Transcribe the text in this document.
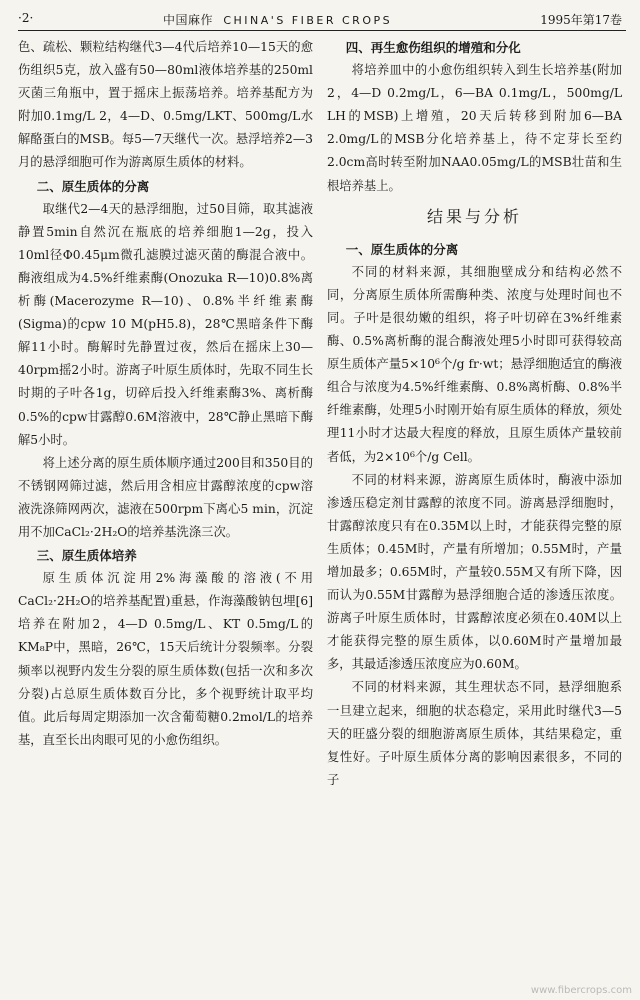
·2·	中国麻作 CHINA'S FIBER CROPS	1995年第17卷

色、疏松、颗粒结构继代3—4代后培养10—15天的愈伤组织5克，放入盛有50—80ml液体培养基的250ml灭菌三角瓶中，置于摇床上振荡培养。培养基配方为附加0.1mg/L 2，4—D、0.5mg/LKT、500mg/L水解酪蛋白的MSB。每5—7天继代一次。悬浮培养2—3月的悬浮细胞可作为游离原生质体的材料。

二、原生质体的分离

取继代2—4天的悬浮细胞，过50目筛，取其滤液静置5min自然沉在瓶底的培养细胞1—2g，投入10ml径Φ0.45μm微孔滤膜过滤灭菌的酶混合液中。酶液组成为4.5%纤维素酶(Onozuka R—10)0.8%离析酶(Macerozyme R—10)、0.8%半纤维素酶(Sigma)的cpw 10 M(pH5.8)，28℃黑暗条件下酶解11小时。酶解时先静置过夜，然后在摇床上30—40rpm摇2小时。游离子叶原生质体时，先取不同生长时期的子叶各1g，切碎后投入纤维素酶3%、离析酶0.5%的cpw甘露醇0.6M溶液中，28℃静止黑暗下酶解5小时。

将上述分离的原生质体顺序通过200目和350目的不锈钢网筛过滤，然后用含相应甘露醇浓度的cpw溶液洗涤筛网两次，滤液在500rpm下离心5 min，沉淀用不加CaCl₂·2H₂O的培养基洗涤三次。

三、原生质体培养

原生质体沉淀用2%海藻酸的溶液(不用CaCl₂·2H₂O的培养基配置)重悬，作海藻酸钠包埋[6]培养在附加2，4—D 0.5mg/L、KT 0.5mg/L的KM₈P中，黑暗，26℃，15天后统计分裂频率。分裂频率以视野内发生分裂的原生质体数(包括一次和多次分裂)占总原生质体数百分比，多个视野统计取平均值。此后每周定期添加一次含葡萄糖0.2mol/L的培养基，直至长出肉眼可见的小愈伤组织。

四、再生愈伤组织的增殖和分化

将培养皿中的小愈伤组织转入到生长培养基(附加2，4—D 0.2mg/L，6—BA 0.1mg/L，500mg/L LH的MSB)上增殖，20天后转移到附加6—BA 2.0mg/L的MSB分化培养基上，待不定芽长至约2.0cm高时转至附加NAA0.05mg/L的MSB壮苗和生根培养基上。

结果与分析
一、原生质体的分离

不同的材料来源，其细胞壁成分和结构必然不同，分离原生质体所需酶种类、浓度与处理时间也不同。子叶是很幼嫩的组织，将子叶切碎在3%纤维素酶、0.5%离析酶的混合酶液处理5小时即可获得较高原生质体产量5×10⁶个/g fr·wt；悬浮细胞适宜的酶液组合与浓度为4.5%纤维素酶、0.8%离析酶、0.8%半纤维素酶，处理5小时刚开始有原生质体的释放，须处理11小时才达最大程度的释放，且原生质体产量较前者低，为2×10⁶个/g Cell。

不同的材料来源，游离原生质体时，酶液中添加渗透压稳定剂甘露醇的浓度不同。游离悬浮细胞时，甘露醇浓度只有在0.35M以上时，才能获得完整的原生质体；0.45M时，产量有所增加；0.55M时，产量增加最多；0.65M时，产量较0.55M又有所下降，因而认为0.55M甘露醇为悬浮细胞合适的渗透压浓度。游离子叶原生质体时，甘露醇浓度必须在0.40M以上才能获得完整的原生质体，以0.60M时产量增加最多，其最适渗透压浓度应为0.60M。

不同的材料来源，其生理状态不同，悬浮细胞系一旦建立起来，细胞的状态稳定，采用此时继代3—5天的旺盛分裂的细胞游离原生质体，其结果稳定，重复性好。子叶原生质体分离的影响因素很多，不同的子

www.fibercrops.com
